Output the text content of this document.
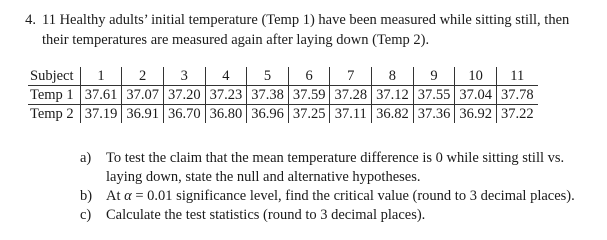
4. 11 Healthy adults’ initial temperature (Temp 1) have been measured while sitting still, then
their temperatures are measured again after laying down (Temp 2).
Subject	1	2	3	4	5	6	7	8	9	10	11
Temp 1	37.61	37.07	37.20	37.23	37.38	37.59	37.28	37.12	37.55	37.04	37.78
Temp 2	37.19	36.91	36.70	36.80	36.96	37.25	37.11	36.82	37.36	36.92	37.22
a)	To test the claim that the mean temperature difference is 0 while sitting still vs.
laying down, state the null and alternative hypotheses.
b) At α = 0.01 significance level, find the critical value (round to 3 decimal places).
c)	Calculate the test statistics (round to 3 decimal places).
